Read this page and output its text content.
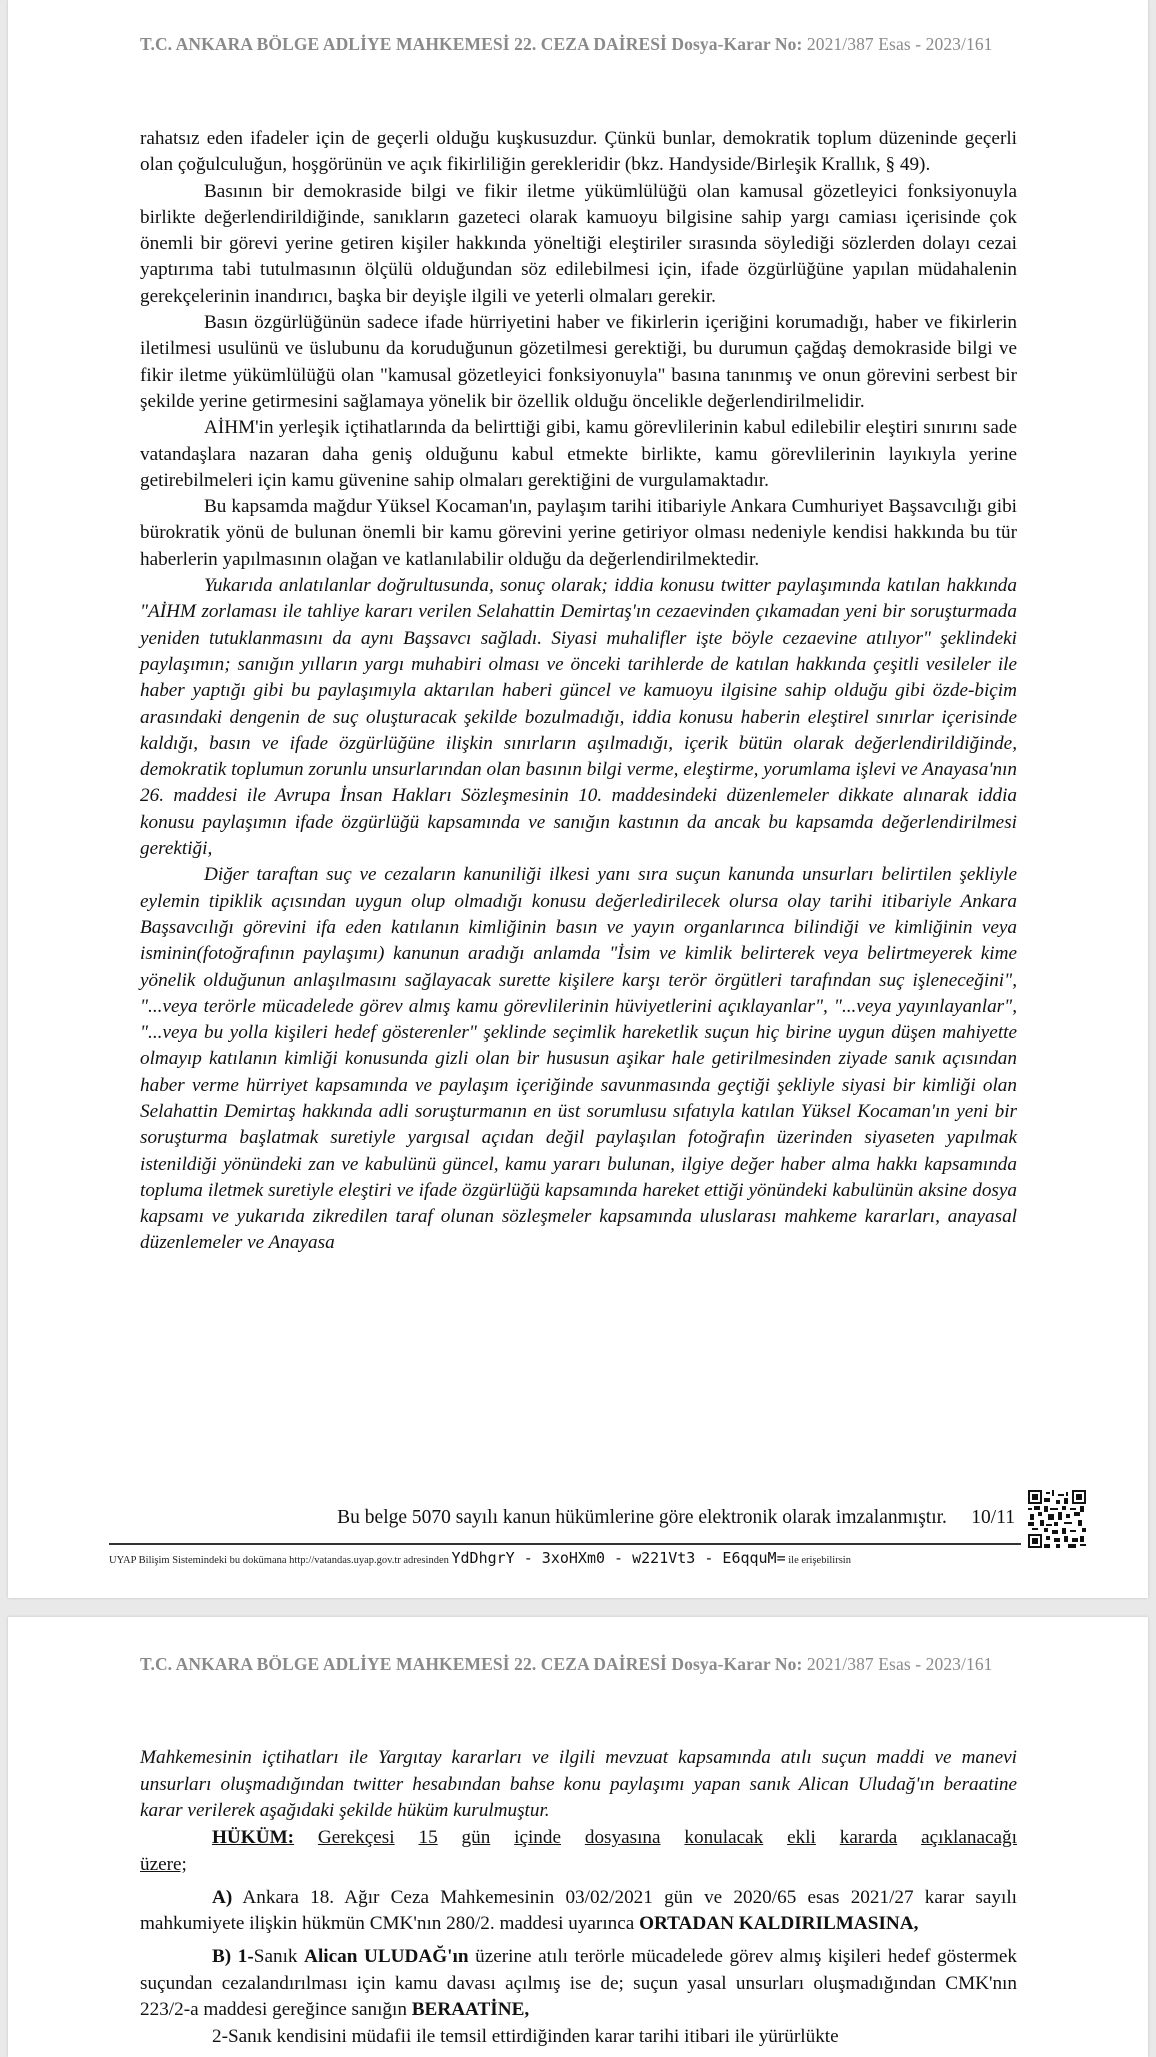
T.C. ANKARA BÖLGE ADLİYE MAHKEMESİ 22. CEZA DAİRESİ Dosya-Karar No: 2021/387 Esas - 2023/161

rahatsız eden ifadeler için de geçerli olduğu kuşkusuzdur. Çünkü bunlar, demokratik toplum düzeninde geçerli olan çoğulculuğun, hoşgörünün ve açık fikirliliğin gerekleridir (bkz. Handyside/Birleşik Krallık, § 49).

Basının bir demokraside bilgi ve fikir iletme yükümlülüğü olan kamusal gözetleyici fonksiyonuyla birlikte değerlendirildiğinde, sanıkların gazeteci olarak kamuoyu bilgisine sahip yargı camiası içerisinde çok önemli bir görevi yerine getiren kişiler hakkında yöneltiği eleştiriler sırasında söylediği sözlerden dolayı cezai yaptırıma tabi tutulmasının ölçülü olduğundan söz edilebilmesi için, ifade özgürlüğüne yapılan müdahalenin gerekçelerinin inandırıcı, başka bir deyişle ilgili ve yeterli olmaları gerekir.

Basın özgürlüğünün sadece ifade hürriyetini haber ve fikirlerin içeriğini korumadığı, haber ve fikirlerin iletilmesi usulünü ve üslubunu da koruduğunun gözetilmesi gerektiği, bu durumun çağdaş demokraside bilgi ve fikir iletme yükümlülüğü olan "kamusal gözetleyici fonksiyonuyla" basına tanınmış ve onun görevini serbest bir şekilde yerine getirmesini sağlamaya yönelik bir özellik olduğu öncelikle değerlendirilmelidir.

AİHM'in yerleşik içtihatlarında da belirttiği gibi, kamu görevlilerinin kabul edilebilir eleştiri sınırını sade vatandaşlara nazaran daha geniş olduğunu kabul etmekte birlikte, kamu görevlilerinin layıkıyla yerine getirebilmeleri için kamu güvenine sahip olmaları gerektiğini de vurgulamaktadır.

Bu kapsamda mağdur Yüksel Kocaman'ın, paylaşım tarihi itibariyle Ankara Cumhuriyet Başsavcılığı gibi bürokratik yönü de bulunan önemli bir kamu görevini yerine getiriyor olması nedeniyle kendisi hakkında bu tür haberlerin yapılmasının olağan ve katlanılabilir olduğu da değerlendirilmektedir.

Yukarıda anlatılanlar doğrultusunda, sonuç olarak; iddia konusu twitter paylaşımında katılan hakkında "AİHM zorlaması ile tahliye kararı verilen Selahattin Demirtaş'ın cezaevinden çıkamadan yeni bir soruşturmada yeniden tutuklanmasını da aynı Başsavcı sağladı. Siyasi muhalifler işte böyle cezaevine atılıyor" şeklindeki paylaşımın; sanığın yılların yargı muhabiri olması ve önceki tarihlerde de katılan hakkında çeşitli vesileler ile haber yaptığı gibi bu paylaşımıyla aktarılan haberi güncel ve kamuoyu ilgisine sahip olduğu gibi özde-biçim arasındaki dengenin de suç oluşturacak şekilde bozulmadığı, iddia konusu haberin eleştirel sınırlar içerisinde kaldığı, basın ve ifade özgürlüğüne ilişkin sınırların aşılmadığı, içerik bütün olarak değerlendirildiğinde, demokratik toplumun zorunlu unsurlarından olan basının bilgi verme, eleştirme, yorumlama işlevi ve Anayasa'nın 26. maddesi ile Avrupa İnsan Hakları Sözleşmesinin 10. maddesindeki düzenlemeler dikkate alınarak iddia konusu paylaşımın ifade özgürlüğü kapsamında ve sanığın kastının da ancak bu kapsamda değerlendirilmesi gerektiği,

Diğer taraftan suç ve cezaların kanuniliği ilkesi yanı sıra suçun kanunda unsurları belirtilen şekliyle eylemin tipiklik açısından uygun olup olmadığı konusu değerledirilecek olursa olay tarihi itibariyle Ankara Başsavcılığı görevini ifa eden katılanın kimliğinin basın ve yayın organlarınca bilindiği ve kimliğinin veya isminin(fotoğrafının paylaşımı) kanunun aradığı anlamda "İsim ve kimlik belirterek veya belirtmeyerek kime yönelik olduğunun anlaşılmasını sağlayacak surette kişilere karşı terör örgütleri tarafından suç işleneceğini", "...veya terörle mücadelede görev almış kamu görevlilerinin hüviyetlerini açıklayanlar", "...veya yayınlayanlar", "...veya bu yolla kişileri hedef gösterenler" şeklinde seçimlik hareketlik suçun hiç birine uygun düşen mahiyette olmayıp katılanın kimliği konusunda gizli olan bir hususun aşikar hale getirilmesinden ziyade sanık açısından haber verme hürriyet kapsamında ve paylaşım içeriğinde savunmasında geçtiği şekliyle siyasi bir kimliği olan Selahattin Demirtaş hakkında adli soruşturmanın en üst sorumlusu sıfatıyla katılan Yüksel Kocaman'ın yeni bir soruşturma başlatmak suretiyle yargısal açıdan değil paylaşılan fotoğrafın üzerinden siyaseten yapılmak istenildiği yönündeki zan ve kabulünü güncel, kamu yararı bulunan, ilgiye değer haber alma hakkı kapsamında topluma iletmek suretiyle eleştiri ve ifade özgürlüğü kapsamında hareket ettiği yönündeki kabulünün aksine dosya kapsamı ve yukarıda zikredilen taraf olunan sözleşmeler kapsamında uluslarası mahkeme kararları, anayasal düzenlemeler ve Anayasa

Bu belge 5070 sayılı kanun hükümlerine göre elektronik olarak imzalanmıştır. 10/11
UYAP Bilişim Sistemindeki bu dokümana http://vatandas.uyap.gov.tr adresinden YdDhgrY - 3xoHXm0 - w221Vt3 - E6qquM= ile erişebilirsin
T.C. ANKARA BÖLGE ADLİYE MAHKEMESİ 22. CEZA DAİRESİ Dosya-Karar No: 2021/387 Esas - 2023/161

Mahkemesinin içtihatları ile Yargıtay kararları ve ilgili mevzuat kapsamında atılı suçun maddi ve manevi unsurları oluşmadığından twitter hesabından bahse konu paylaşımı yapan sanık Alican Uludağ'ın beraatine karar verilerek aşağıdaki şekilde hüküm kurulmuştur.

HÜKÜM: Gerekçesi 15 gün içinde dosyasına konulacak ekli kararda açıklanacağı

üzere;

A) Ankara 18. Ağır Ceza Mahkemesinin 03/02/2021 gün ve 2020/65 esas 2021/27 karar sayılı mahkumiyete ilişkin hükmün CMK'nın 280/2. maddesi uyarınca ORTADAN KALDIRILMASINA,

B) 1-Sanık Alican ULUDAĞ'ın üzerine atılı terörle mücadelede görev almış kişileri hedef göstermek suçundan cezalandırılması için kamu davası açılmış ise de; suçun yasal unsurları oluşmadığından CMK'nın 223/2-a maddesi gereğince sanığın BERAATİNE,

2-Sanık kendisini müdafii ile temsil ettirdiğinden karar tarihi itibari ile yürürlükte
